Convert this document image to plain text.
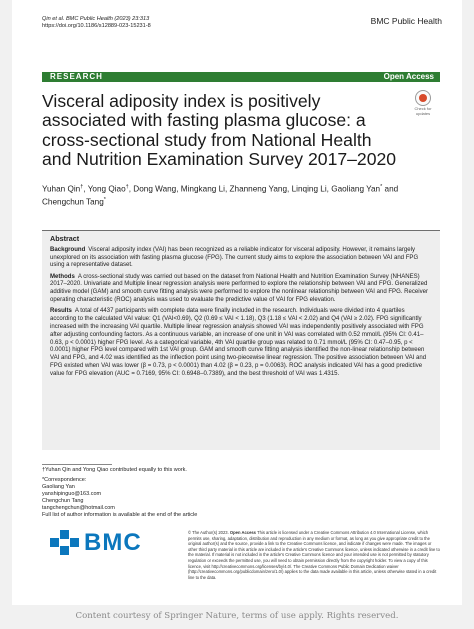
Qin et al. BMC Public Health (2023) 23:313
https://doi.org/10.1186/s12889-023-15231-8	BMC Public Health
RESEARCH	Open Access
Check for
updates
Visceral adiposity index is positively associated with fasting plasma glucose: a cross-sectional study from National Health and Nutrition Examination Survey 2017–2020
Yuhan Qin†, Yong Qiao†, Dong Wang, Mingkang Li, Zhanneng Yang, Linqing Li, Gaoliang Yan* and Chengchun Tang*
Abstract

Background Visceral adiposity index (VAI) has been recognized as a reliable indicator for visceral adiposity. However, it remains largely unexplored on its association with fasting plasma glucose (FPG). The current study aims to explore the association between VAI and FPG using a representative dataset.

Methods A cross-sectional study was carried out based on the dataset from National Health and Nutrition Examination Survey (NHANES) 2017–2020. Univariate and Multiple linear regression analysis were performed to explore the relationship between VAI and FPG. Generalized additive model (GAM) and smooth curve fitting analysis were performed to explore the nonlinear relationship between VAI and FPG. Receiver operating characteristic (ROC) analysis was used to evaluate the predictive value of VAI for FPG elevation.

Results A total of 4437 participants with complete data were finally included in the research. Individuals were divided into 4 quartiles according to the calculated VAI value: Q1 (VAI<0.69), Q2 (0.69 ≤ VAI < 1.18), Q3 (1.18 ≤ VAI < 2.02) and Q4 (VAI ≥ 2.02). FPG significantly increased with the increasing VAI quartile. Multiple linear regression analysis showed VAI was independently positively associated with FPG after adjusting confounding factors. As a continuous variable, an increase of one unit in VAI was correlated with 0.52 mmol/L (95% CI: 0.41–0.63, p < 0.0001) higher FPG level. As a categorical variable, 4th VAI quartile group was related to 0.71 mmol/L (95% CI: 0.47–0.95, p < 0.0001) higher FPG level compared with 1st VAI group. GAM and smooth curve fitting analysis identified the non-linear relationship between VAI and FPG, and 4.02 was identified as the inflection point using two-piecewise linear regression. The positive association between VAI and FPG existed when VAI was lower (β = 0.73, p < 0.0001) than 4.02 (β = 0.23, p = 0.0063). ROC analysis indicated VAI has a good predictive value for FPG elevation (AUC = 0.7169, 95% CI: 0.6948–0.7389), and the best threshold of VAI was 1.4315.

†Yuhan Qin and Yong Qiao contributed equally to this work.
*Correspondence:
Gaoliang Yan
yanshipinguo@163.com
Chengchun Tang
tangchengchun@hotmail.com
Full list of author information is available at the end of the article
BMC	© The Author(s) 2023. Open Access This article is licensed under a Creative Commons Attribution 4.0 International License, which permits use, sharing, adaptation, distribution and reproduction in any medium or format, as long as you give appropriate credit to the original author(s) and the source, provide a link to the Creative Commons licence, and indicate if changes were made. The images or other third party material in this article are included in the article's Creative Commons licence, unless indicated otherwise in a credit line to the material. If material is not included in the article's Creative Commons licence and your intended use is not permitted by statutory regulation or exceeds the permitted use, you will need to obtain permission directly from the copyright holder. To view a copy of this licence, visit http://creativecommons.org/licenses/by/4.0/. The Creative Commons Public Domain Dedication waiver (http://creativecommons.org/publicdomain/zero/1.0/) applies to the data made available in this article, unless otherwise stated in a credit line to the data.
Content courtesy of Springer Nature, terms of use apply. Rights reserved.
